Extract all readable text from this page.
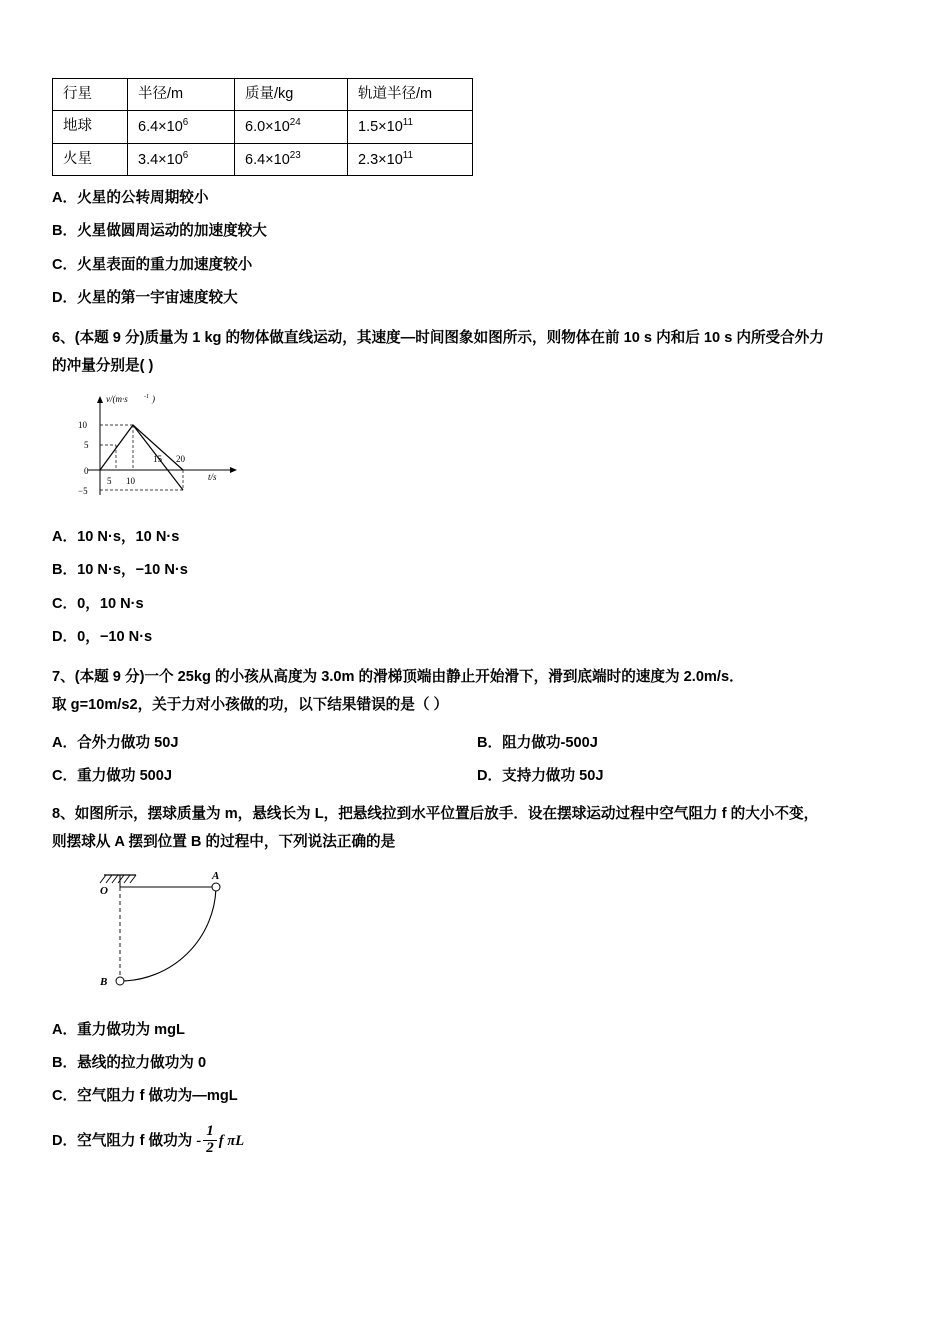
行星	半径/m	质量/kg	轨道半径/m
地球	$6.4\times 10^6$	$6.0\times 10^{24}$	$1.5\times 10^{11}$
火星	$3.4\times 10^6$	$6.4\times 10^{23}$	$2.3\times 10^{11}$
A．火星的公转周期较小
B．火星做圆周运动的加速度较大
C．火星表面的重力加速度较小
D．火星的第一宇宙速度较大
6、(本题 9 分)质量为 1 kg 的物体做直线运动，其速度—时间图象如图所示，则物体在前 10 s 内和后 10 s 内所受合外力
的冲量分别是( )
v/(m·s	-1 )
10
5
0
−5
5 10
15 20
t/s
A．10 N·s，10 N·s
B．10 N·s，−10 N·s
C．0，10 N·s
D．0，−10 N·s
7、(本题 9 分)一个 25kg 的小孩从高度为 3.0m 的滑梯顶端由静止开始滑下，滑到底端时的速度为 2.0m/s．
取 g=10m/s2，关于力对小孩做的功，以下结果错误的是（ ）
A．合外力做功 50J	B．阻力做功-500J
C．重力做功 500J	D．支持力做功 50J
8、如图所示，摆球质量为 m，悬线长为 L，把悬线拉到水平位置后放手．设在摆球运动过程中空气阻力 f 的大小不变，
则摆球从 A 摆到位置 B 的过程中，下列说法正确的是
O
A
B
A．重力做功为 mgL
B．悬线的拉力做功为 0
C．空气阻力 f 做功为—mgL
D．空气阻力 f 做功为 - $\frac{1}{2}$ f πL
